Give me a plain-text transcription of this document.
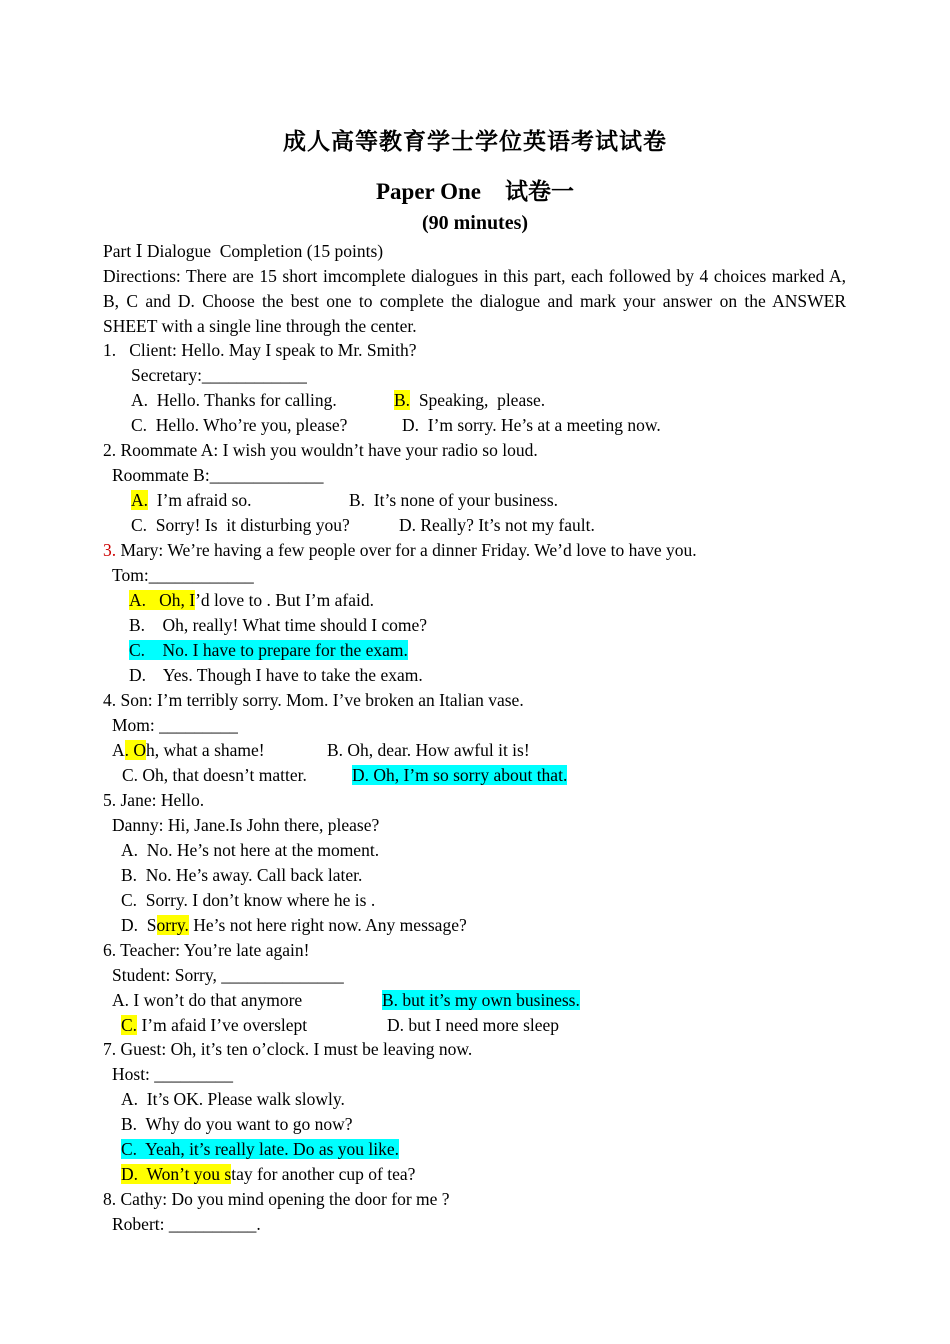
成人高等教育学士学位英语考试试卷
Paper One 试卷一
(90 minutes)
Part Ⅰ Dialogue  Completion (15 points)
Directions: There are 15 short imcomplete dialogues in this part, each followed by 4 choices marked A, B, C and D. Choose the best one to complete the dialogue and mark your answer on the ANSWER SHEET with a single line through the center.
1.   Client: Hello. May I speak to Mr. Smith?
Secretary:____________
A.  Hello. Thanks for calling.	B.  Speaking,  please.
C.  Hello. Who’re you, please?	D.  I’m sorry. He’s at a meeting now.
2. Roommate A: I wish you wouldn’t have your radio so loud.
Roommate B:_____________
A.  I’m afraid so.	B.  It’s none of your business.
C.  Sorry! Is  it disturbing you?	D. Really? It’s not my fault.
3. Mary: We’re having a few people over for a dinner Friday. We’d love to have you.
Tom:____________
A.   Oh, I’d love to . But I’m afaid.
B.    Oh, really! What time should I come?
C.    No. I have to prepare for the exam.
D.    Yes. Though I have to take the exam.
4. Son: I’m terribly sorry. Mom. I’ve broken an Italian vase.
Mom: _________
A. Oh, what a shame!	B. Oh, dear. How awful it is!
C. Oh, that doesn’t matter.	D. Oh, I’m so sorry about that.
5. Jane: Hello.
Danny: Hi, Jane.Is John there, please?
A.  No. He’s not here at the moment.
B.  No. He’s away. Call back later.
C.  Sorry. I don’t know where he is .
D.  Sorry. He’s not here right now. Any message?
6. Teacher: You’re late again!
Student: Sorry, ______________
A. I won’t do that anymore	B. but it’s my own business.
C. I’m afaid I’ve overslept	D. but I need more sleep
7. Guest: Oh, it’s ten o’clock. I must be leaving now.
Host: _________
A.  It’s OK. Please walk slowly.
B.  Why do you want to go now?
C.  Yeah, it’s really late. Do as you like.
D.  Won’t you stay for another cup of tea?
8. Cathy: Do you mind opening the door for me ?
Robert: __________.
